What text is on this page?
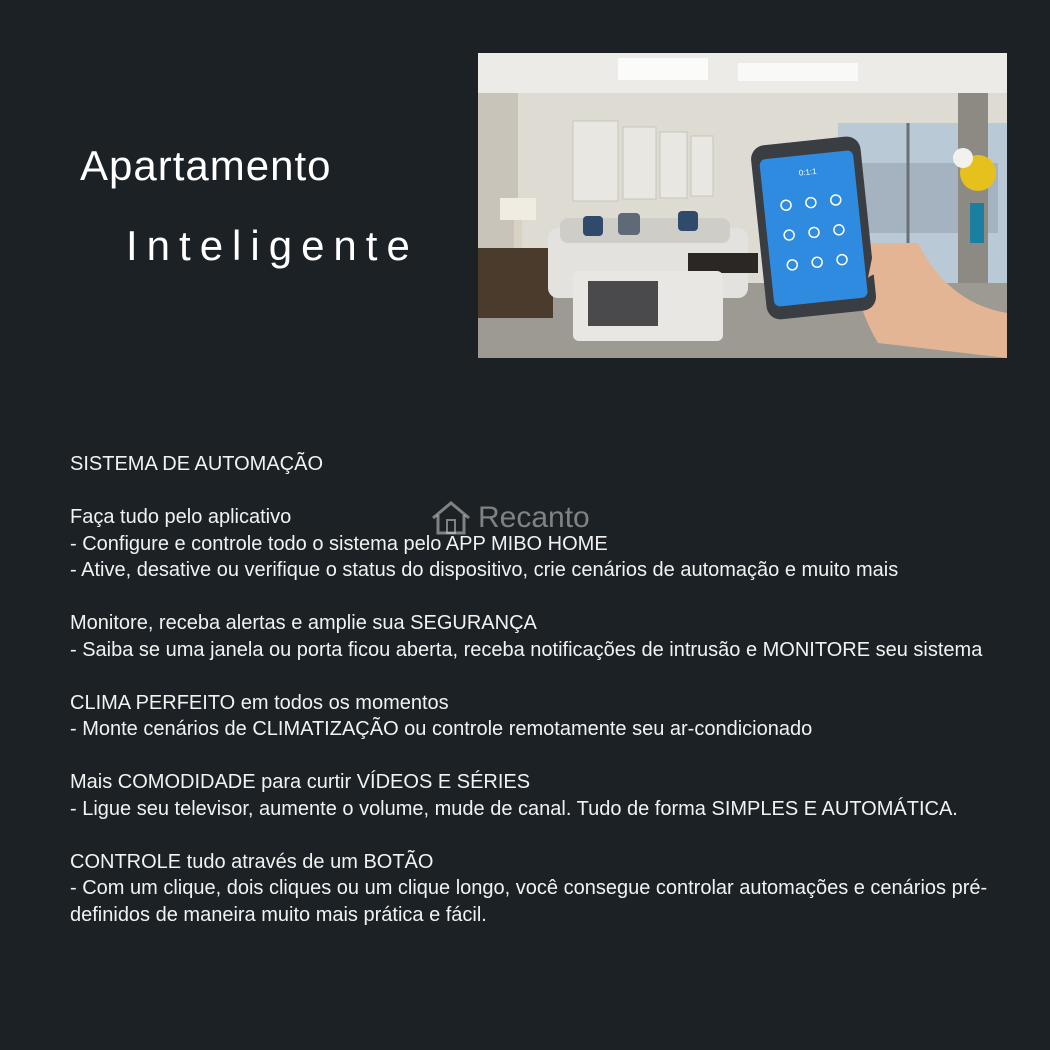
Apartamento
Inteligente
0:1:1
Recanto
SISTEMA DE AUTOMAÇÃO
Faça tudo pelo aplicativo
- Configure e controle todo o sistema pelo APP MIBO HOME
- Ative, desative ou verifique o status do dispositivo, crie cenários de automação e muito mais
Monitore, receba alertas e amplie sua SEGURANÇA
- Saiba se uma janela ou porta ficou aberta, receba notificações de intrusão e MONITORE seu sistema
CLIMA PERFEITO em todos os momentos
- Monte cenários de CLIMATIZAÇÃO ou controle remotamente seu ar-condicionado
Mais COMODIDADE para curtir VÍDEOS E SÉRIES
- Ligue seu televisor, aumente o volume, mude de canal. Tudo de forma SIMPLES E AUTOMÁTICA.
CONTROLE tudo através de um BOTÃO
- Com um clique, dois cliques ou um clique longo, você consegue controlar automações e cenários pré-definidos de maneira muito mais prática e fácil.
